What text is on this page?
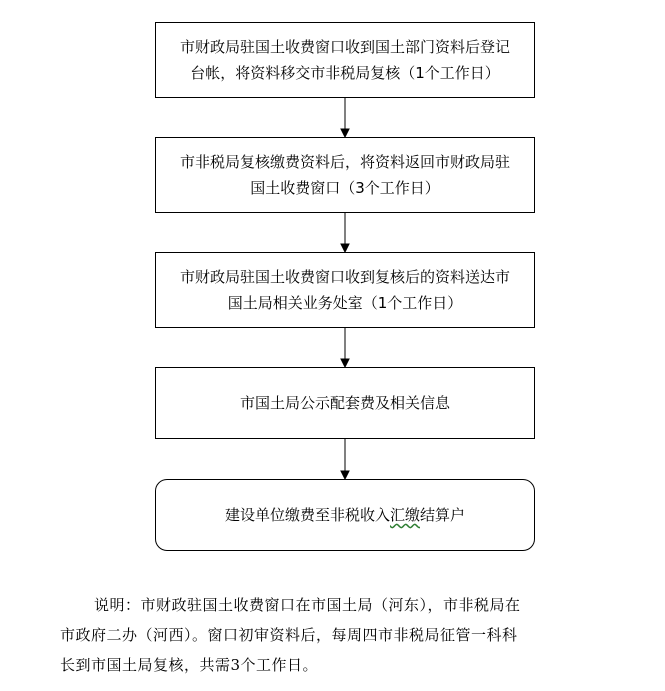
市财政局驻国土收费窗口收到国土部门资料后登记
台帐，将资料移交市非税局复核（1个工作日）
市非税局复核缴费资料后，将资料返回市财政局驻
国土收费窗口（3个工作日）
市财政局驻国土收费窗口收到复核后的资料送达市
国土局相关业务处室（1个工作日）
市国土局公示配套费及相关信息
建设单位缴费至非税收入汇缴结算户
说明：市财政驻国土收费窗口在市国土局（河东），市非税局在
市政府二办（河西）。窗口初审资料后，每周四市非税局征管一科科
长到市国土局复核，共需3个工作日。
